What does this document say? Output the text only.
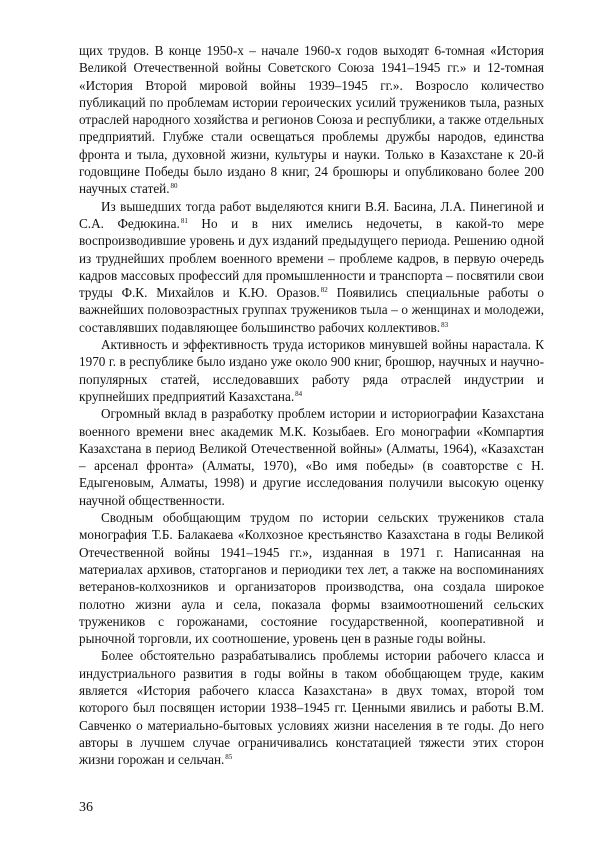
щих трудов. В конце 1950-х – начале 1960-х годов выходят 6-томная «История Великой Отечественной войны Советского Союза 1941–1945 гг.» и 12-томная «История Второй мировой войны 1939–1945 гг.». Возросло количество публикаций по проблемам истории героических усилий тружеников тыла, разных отраслей народного хозяйства и регионов Союза и республики, а также отдельных предприятий. Глубже стали освещаться проблемы дружбы народов, единства фронта и тыла, духовной жизни, культуры и науки. Только в Казахстане к 20-й годовщине Победы было издано 8 книг, 24 брошюры и опубликовано более 200 научных статей.$^{80}$

Из вышедших тогда работ выделяются книги В.Я. Басина, Л.А. Пинегиной и С.А. Федюкина.$^{81}$ Но и в них имелись недочеты, в какой-то мере воспроизводившие уровень и дух изданий предыдущего периода. Решению одной из труднейших проблем военного времени – проблеме кадров, в первую очередь кадров массовых профессий для промышленности и транспорта – посвятили свои труды Ф.К. Михайлов и К.Ю. Оразов.$^{82}$ Появились специальные работы о важнейших половозрастных группах тружеников тыла – о женщинах и молодежи, составлявших подавляющее большинство рабочих коллективов.$^{83}$

Активность и эффективность труда историков минувшей войны нарастала. К 1970 г. в республике было издано уже около 900 книг, брошюр, научных и научно-популярных статей, исследовавших работу ряда отраслей индустрии и крупнейших предприятий Казахстана.$^{84}$

Огромный вклад в разработку проблем истории и историографии Казахстана военного времени внес академик М.К. Козыбаев. Его монографии «Компартия Казахстана в период Великой Отечественной войны» (Алматы, 1964), «Казахстан – арсенал фронта» (Алматы, 1970), «Во имя победы» (в соавторстве с Н. Едыгеновым, Алматы, 1998) и другие исследования получили высокую оценку научной общественности.

Сводным обобщающим трудом по истории сельских тружеников стала монография Т.Б. Балакаева «Колхозное крестьянство Казахстана в годы Великой Отечественной войны 1941–1945 гг.», изданная в 1971 г. Написанная на материалах архивов, статорганов и периодики тех лет, а также на воспоминаниях ветеранов-колхозников и организаторов производства, она создала широкое полотно жизни аула и села, показала формы взаимоотношений сельских тружеников с горожанами, состояние государственной, кооперативной и рыночной торговли, их соотношение, уровень цен в разные годы войны.

Более обстоятельно разрабатывались проблемы истории рабочего класса и индустриального развития в годы войны в таком обобщающем труде, каким является «История рабочего класса Казахстана» в двух томах, второй том которого был посвящен истории 1938–1945 гг. Ценными явились и работы В.М. Савченко о материально-бытовых условиях жизни населения в те годы. До него авторы в лучшем случае ограничивались констатацией тяжести этих сторон жизни горожан и сельчан.$^{85}$

36
